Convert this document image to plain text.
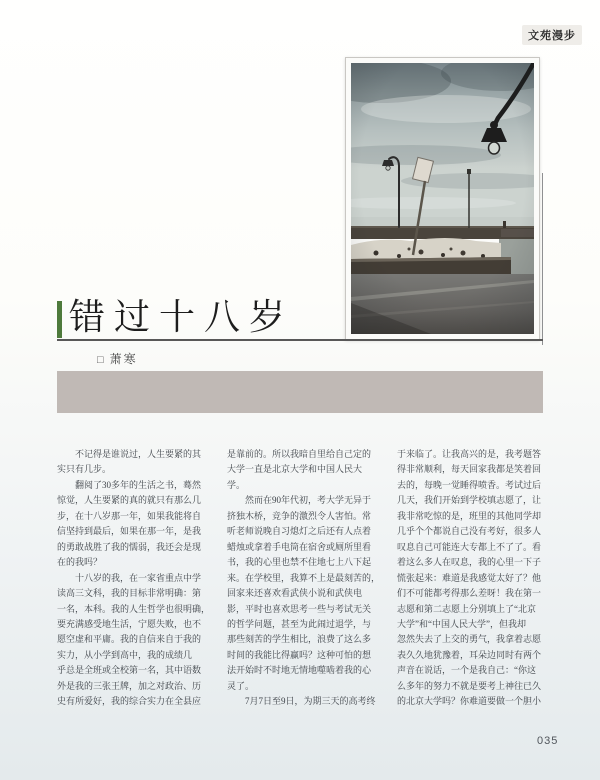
文苑漫步
错过十八岁
□ 萧寒
　　不记得是谁说过，人生要紧的其
实只有几步。
　　翻阅了30多年的生活之书，蓦然
惊觉，人生要紧的真的就只有那么几
步，在十八岁那一年，如果我能将自
信坚持到最后，如果在那一年，是我
的勇敢战胜了我的懦弱，我还会是现
在的我吗？
　　十八岁的我，在一家省重点中学
读高三文科，我的目标非常明确：第
一名，本科。我的人生哲学也很明确，
要充满感受地生活，宁愿失败，也不
愿空虚和平庸。我的自信来自于我的
实力，从小学到高中，我的成绩几
乎总是全班或全校第一名，其中语数
外是我的三张王牌，加之对政治、历
史有所爱好，我的综合实力在全县应
是靠前的。所以我暗自里给自己定的
大学一直是北京大学和中国人民大
学。
　　然而在90年代初，考大学无异于
挤独木桥，竞争的激烈令人害怕。常
听老师说晚自习熄灯之后还有人点着
蜡烛或拿着手电筒在宿舍或厕所里看
书，我的心里也禁不住地七上八下起
来。在学校里，我算不上是最刻苦的，
回家来还喜欢看武侠小说和武侠电
影，平时也喜欢思考一些与考试无关
的哲学问题，甚至为此闹过退学，与
那些刻苦的学生相比，浪费了这么多
时间的我能比得赢吗？这种可怕的想
法开始时不时地无情地噬啮着我的心
灵了。
　　7月7日至9日，为期三天的高考终
于来临了。让我高兴的是，我考题答
得非常顺利，每天回家我都是笑着回
去的，每晚一觉睡得喷香。考试过后
几天，我们开始到学校填志愿了，让
我非常吃惊的是，班里的其他同学却
几乎个个都说自己没有考好，很多人
叹息自己可能连大专都上不了了。看
着这么多人在叹息，我的心里一下子
慌张起来：难道是我感觉太好了？他
们不可能都考得那么差呀！我在第一
志愿和第二志愿上分别填上了“北京
大学”和“中国人民大学”，但我却
忽然失去了上交的勇气，我拿着志愿
表久久地犹豫着，耳朵边同时有两个
声音在说话，一个是我自己：“你这
么多年的努力不就是要考上神往已久
的北京大学吗？你难道要做一个胆小
035
